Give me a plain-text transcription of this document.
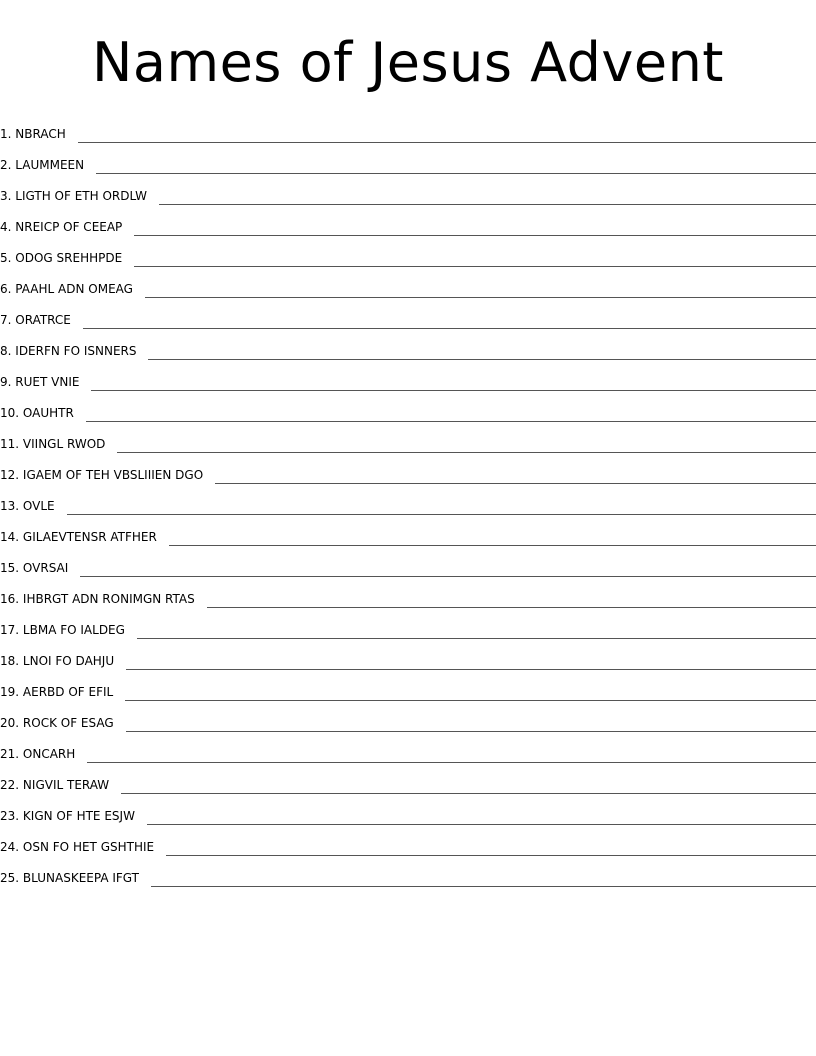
Names of Jesus Advent
1 . NBRACH
2 . LAUMMEEN
3 . LIGTH OF ETH ORDLW
4 . NREICP OF CEEAP
5 . ODOG SREHHPDE
6 . PAAHL ADN OMEAG
7 . ORATRCE
8 . IDERFN FO ISNNERS
9 . RUET VNIE
10 . OAUHTR
11 . VIINGL RWOD
12 . IGAEM OF TEH VBSLIIIEN DGO
13 . OVLE
14 . GILAEVTENSR ATFHER
15 . OVRSAI
16 . IHBRGT ADN RONIMGN RTAS
17 . LBMA FO IALDEG
18 . LNOI FO DAHJU
19 . AERBD OF EFIL
20 . ROCK OF ESAG
21 . ONCARH
22 . NIGVIL TERAW
23 . KIGN OF HTE ESJW
24 . OSN FO HET GSHTHIE
25 . BLUNASKEEPA IFGT
